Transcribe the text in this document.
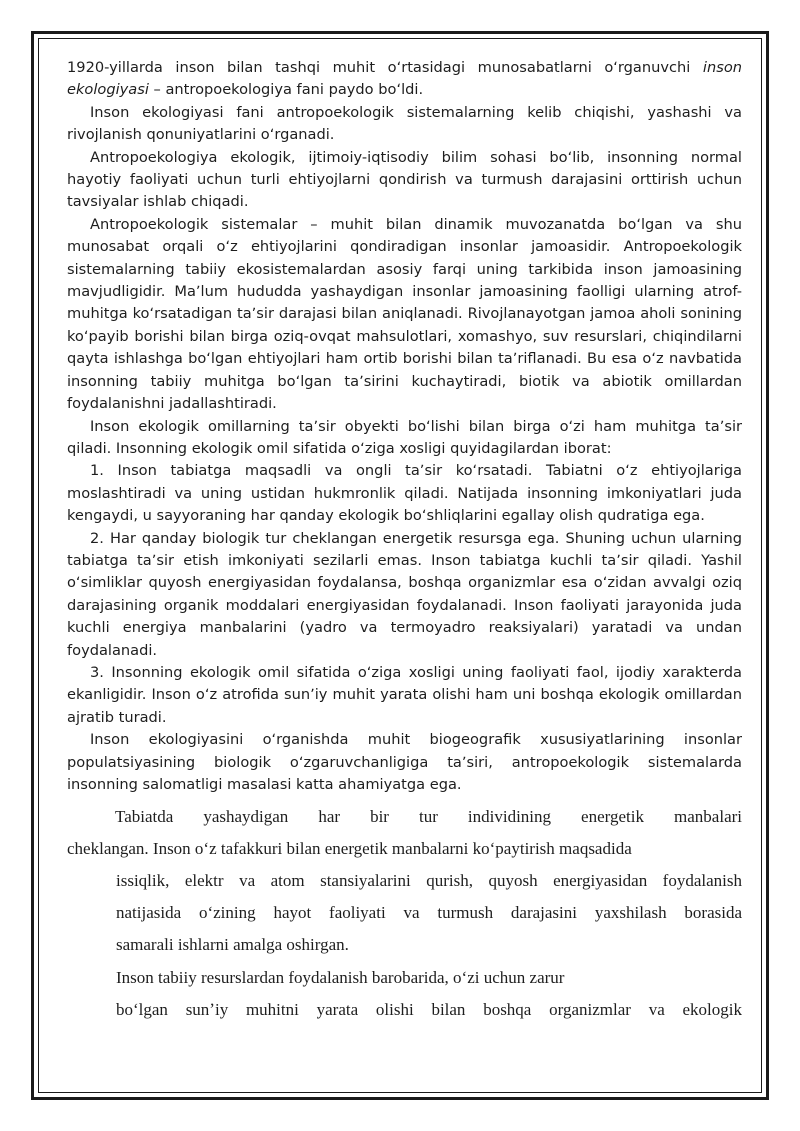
1920-yillarda inson bilan tashqi muhit oʻrtasidagi munosabatlarni oʻrganuvchi inson ekologiyasi – antropoekologiya fani paydo boʻldi.

Inson ekologiyasi fani antropoekologik sistemalarning kelib chiqishi, yashashi va rivojlanish qonuniyatlarini oʻrganadi.

Antropoekologiya ekologik, ijtimoiy-iqtisodiy bilim sohasi boʻlib, insonning normal hayotiy faoliyati uchun turli ehtiyojlarni qondirish va turmush darajasini orttirish uchun tavsiyalar ishlab chiqadi.

Antropoekologik sistemalar – muhit bilan dinamik muvozanatda boʻlgan va shu munosabat orqali oʻz ehtiyojlarini qondiradigan insonlar jamoasidir. Antropoekologik sistemalarning tabiiy ekosistemalardan asosiy farqi uning tarkibida inson jamoasining mavjudligidir. Maʼlum hududda yashaydigan insonlar jamoasining faolligi ularning atrof-muhitga koʻrsatadigan taʼsir darajasi bilan aniqlanadi. Rivojlanayotgan jamoa aholi sonining koʻpayib borishi bilan birga oziq-ovqat mahsulotlari, xomashyo, suv resurslari, chiqindilarni qayta ishlashga boʻlgan ehtiyojlari ham ortib borishi bilan taʼriflanadi. Bu esa oʻz navbatida insonning tabiiy muhitga boʻlgan taʼsirini kuchaytiradi, biotik va abiotik omillardan foydalanishni jadallashtiradi.

Inson ekologik omillarning taʼsir obyekti boʻlishi bilan birga oʻzi ham muhitga taʼsir qiladi. Insonning ekologik omil sifatida oʻziga xosligi quyidagilardan iborat:

1. Inson tabiatga maqsadli va ongli taʼsir koʻrsatadi. Tabiatni oʻz ehtiyojlariga moslashtiradi va uning ustidan hukmronlik qiladi. Natijada insonning imkoniyatlari juda kengaydi, u sayyoraning har qanday ekologik boʻshliqlarini egallay olish qudratiga ega.

2. Har qanday biologik tur cheklangan energetik resursga ega. Shuning uchun ularning tabiatga taʼsir etish imkoniyati sezilarli emas. Inson tabiatga kuchli taʼsir qiladi. Yashil oʻsimliklar quyosh energiyasidan foydalansa, boshqa organizmlar esa oʻzidan avvalgi oziq darajasining organik moddalari energiyasidan foydalanadi. Inson faoliyati jarayonida juda kuchli energiya manbalarini (yadro va termoyadro reaksiyalari) yaratadi va undan foydalanadi.

3. Insonning ekologik omil sifatida oʻziga xosligi uning faoliyati faol, ijodiy xarakterda ekanligidir. Inson oʻz atrofida sunʼiy muhit yarata olishi ham uni boshqa ekologik omillardan ajratib turadi.

Inson ekologiyasini oʻrganishda muhit biogeografik xususiyatlarining insonlar populatsiyasining biologik oʻzgaruvchanligiga taʼsiri, antropoekologik sistemalarda insonning salomatligi masalasi katta ahamiyatga ega.

Tabiatda yashaydigan har bir tur individining energetik manbalari

cheklangan. Inson oʻz tafakkuri bilan energetik manbalarni koʻpaytirish maqsadida

issiqlik, elektr va atom stansiyalarini qurish, quyosh energiyasidan foydalanish
natijasida oʻzining hayot faoliyati va turmush darajasini yaxshilash borasida
samarali ishlarni amalga oshirgan.

Inson tabiiy resurslardan foydalanish barobarida, oʻzi uchun zarur
boʻlgan sunʼiy muhitni yarata olishi bilan boshqa organizmlar va ekologik
